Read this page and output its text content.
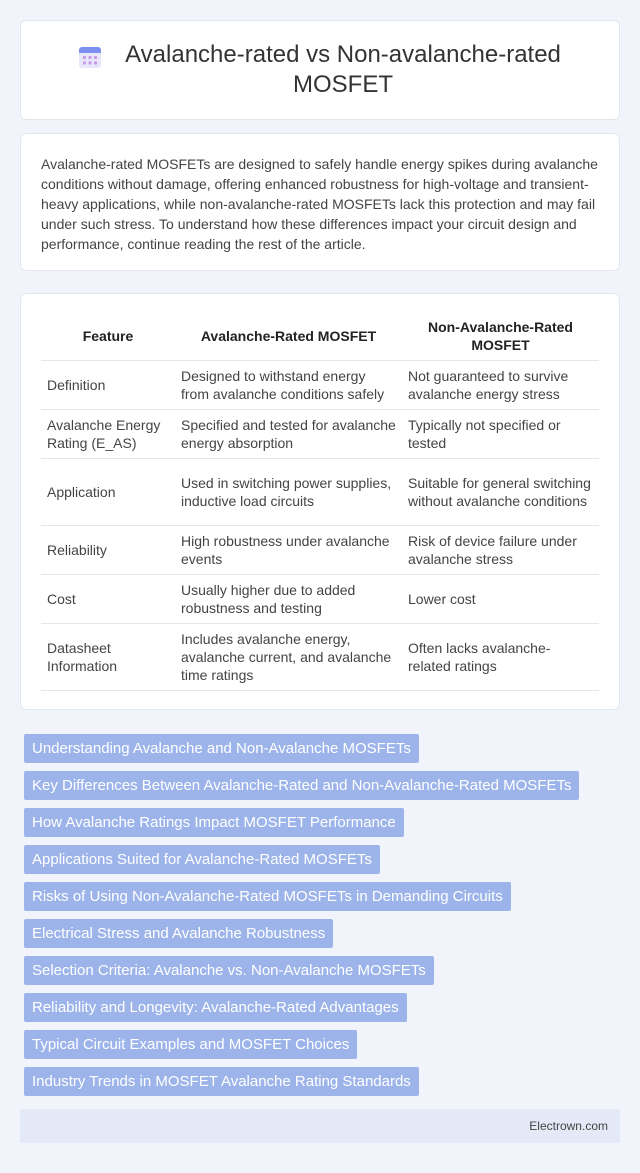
Avalanche-rated vs Non-avalanche-rated MOSFET

Avalanche-rated MOSFETs are designed to safely handle energy spikes during avalanche conditions without damage, offering enhanced robustness for high-voltage and transient-heavy applications, while non-avalanche-rated MOSFETs lack this protection and may fail under such stress. To understand how these differences impact your circuit design and performance, continue reading the rest of the article.

Feature	Avalanche-Rated MOSFET	Non-Avalanche-Rated MOSFET
Definition	Designed to withstand energy from avalanche conditions safely	Not guaranteed to survive avalanche energy stress
Avalanche Energy Rating (E_AS)	Specified and tested for avalanche energy absorption	Typically not specified or tested
Application	Used in switching power supplies, inductive load circuits	Suitable for general switching without avalanche conditions
Reliability	High robustness under avalanche events	Risk of device failure under avalanche stress
Cost	Usually higher due to added robustness and testing	Lower cost
Datasheet Information	Includes avalanche energy, avalanche current, and avalanche time ratings	Often lacks avalanche-related ratings
Understanding Avalanche and Non-Avalanche MOSFETs
Key Differences Between Avalanche-Rated and Non-Avalanche-Rated MOSFETs
How Avalanche Ratings Impact MOSFET Performance
Applications Suited for Avalanche-Rated MOSFETs
Risks of Using Non-Avalanche-Rated MOSFETs in Demanding Circuits
Electrical Stress and Avalanche Robustness
Selection Criteria: Avalanche vs. Non-Avalanche MOSFETs
Reliability and Longevity: Avalanche-Rated Advantages
Typical Circuit Examples and MOSFET Choices
Industry Trends in MOSFET Avalanche Rating Standards
Electrown.com
